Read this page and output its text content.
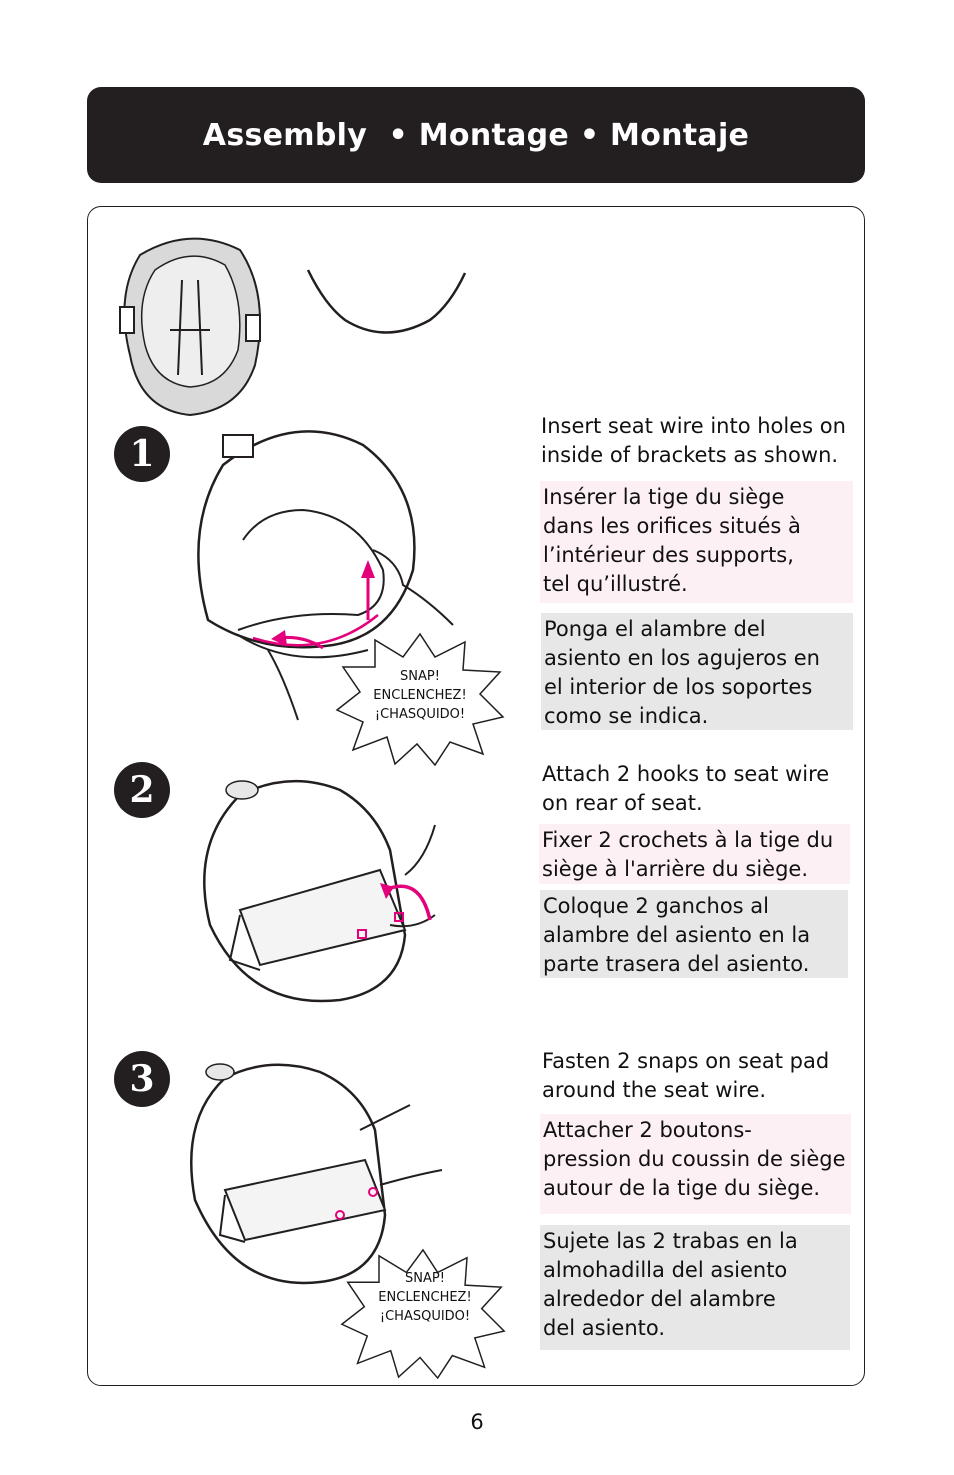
Assembly  • Montage • Montaje
1
SNAP!
ENCLENCHEZ!
¡CHASQUIDO!
Insert seat wire into holes on
inside of brackets as shown.
Insérer la tige du siège
dans les orifices situés à
l’intérieur des supports,
tel qu’illustré.
Ponga el alambre del
asiento en los agujeros en
el interior de los soportes
como se indica.
2	Attach 2 hooks to seat wire
on rear of seat.
Fixer 2 crochets à la tige du
siège à l'arrière du siège.
Coloque 2 ganchos al
alambre del asiento en la
parte trasera del asiento.
3
SNAP!
ENCLENCHEZ!
¡CHASQUIDO!
Fasten 2 snaps on seat pad
around the seat wire.
Attacher 2 boutons-
pression du coussin de siège
autour de la tige du siège.
Sujete las 2 trabas en la
almohadilla del asiento
alrededor del alambre
del asiento.
6
